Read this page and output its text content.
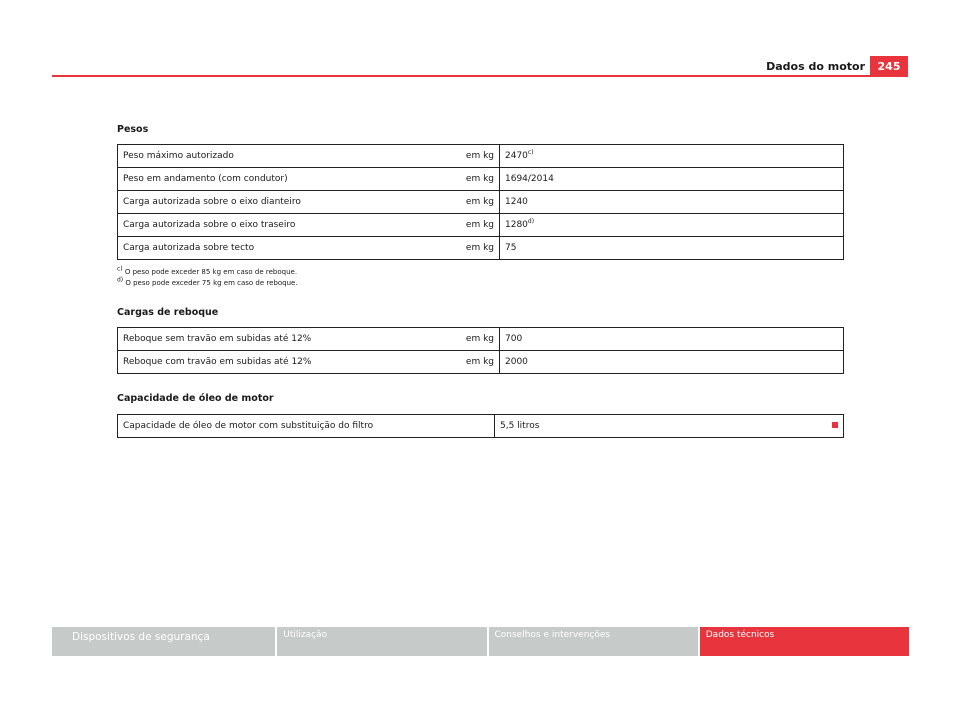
Dados do motor	245
Pesos
Peso máximo autorizado	em kg	2470$^{c)}$
Peso em andamento (com condutor)	em kg	1694/2014
Carga autorizada sobre o eixo dianteiro	em kg	1240
Carga autorizada sobre o eixo traseiro	em kg	1280$^{d)}$
Carga autorizada sobre tecto	em kg	75
$^{c)}$ O peso pode exceder 85 kg em caso de reboque.
$^{d)}$ O peso pode exceder 75 kg em caso de reboque.
Cargas de reboque
Reboque sem travão em subidas até 12%	em kg	700
Reboque com travão em subidas até 12%	em kg	2000
Capacidade de óleo de motor
Capacidade de óleo de motor com substituição do filtro	5,5 litros
Dispositivos de segurança	Utilização	Conselhos e intervenções	Dados técnicos
